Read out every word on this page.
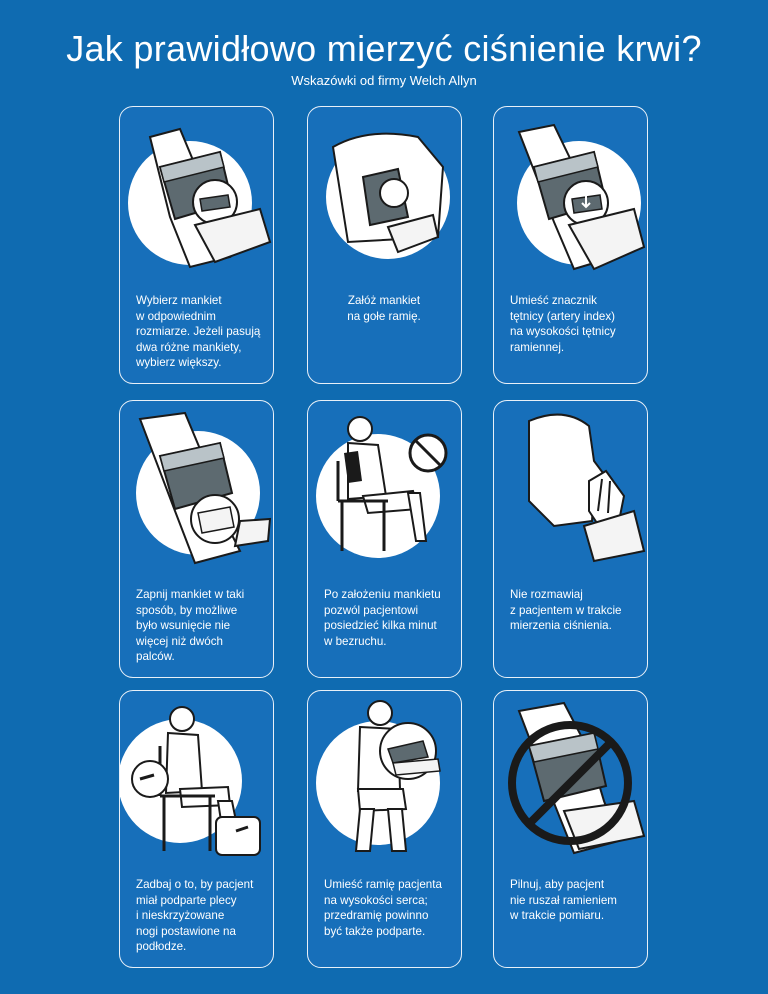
Jak prawidłowo mierzyć ciśnienie krwi?
Wskazówki od firmy Welch Allyn
Wybierz mankiet
w odpowiednim
rozmiarze. Jeżeli pasują
dwa różne mankiety,
wybierz większy.
Załóż mankiet
na gołe ramię.
Umieść znacznik
tętnicy (artery index)
na wysokości tętnicy
ramiennej.
Zapnij mankiet w taki
sposób, by możliwe
było wsunięcie nie
więcej niż dwóch
palców.
Po założeniu mankietu
pozwól pacjentowi
posiedzieć kilka minut
w bezruchu.
Nie rozmawiaj
z pacjentem w trakcie
mierzenia ciśnienia.
Zadbaj o to, by pacjent
miał podparte plecy
i nieskrzyżowane
nogi postawione na
podłodze.
Umieść ramię pacjenta
na wysokości serca;
przedramię powinno
być także podparte.
Pilnuj, aby pacjent
nie ruszał ramieniem
w trakcie pomiaru.
